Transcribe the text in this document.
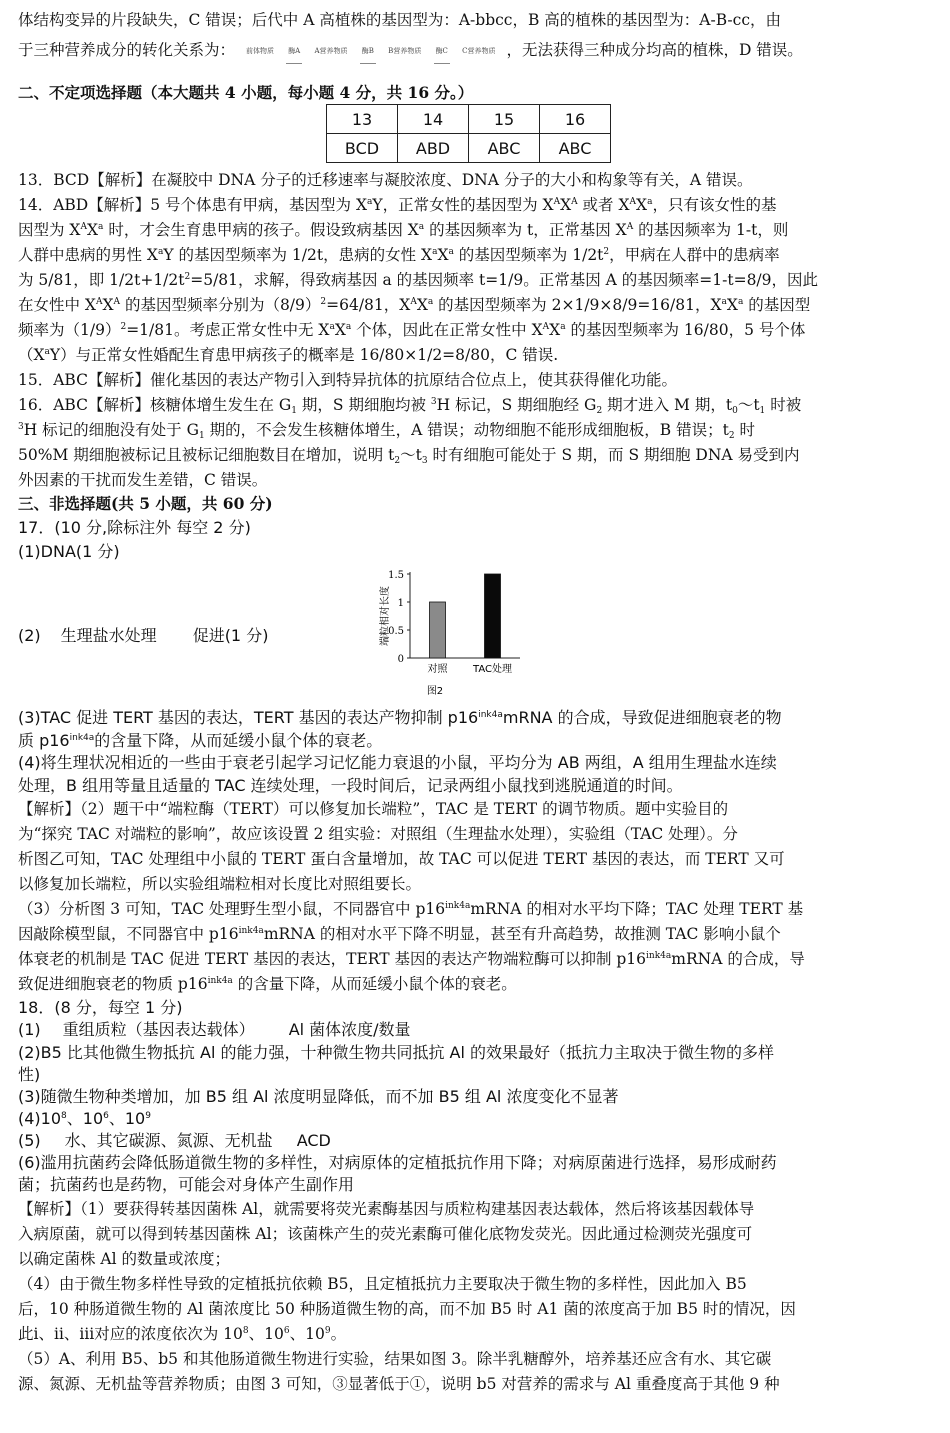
体结构变异的片段缺失，C 错误；后代中 A 高植株的基因型为：A-bbcc，B 高的植株的基因型为：A-B-cc，由
于三种营养成分的转化关系为： 前体物质 酶A A营养物质 酶B B营养物质 酶C C营养物质 ，无法获得三种成分均高的植株，D 错误。
二、不定项选择题（本大题共 4 小题，每小题 4 分，共 16 分。）
13	14	15	16
BCD	ABD	ABC	ABC
13．BCD【解析】在凝胶中 DNA 分子的迁移速率与凝胶浓度、DNA 分子的大小和构象等有关，A 错误。
14．ABD【解析】5 号个体患有甲病，基因型为 $X^aY$，正常女性的基因型为 $X^AX^A$ 或者 $X^AX^a$，只有该女性的基
因型为 $X^AX^a$ 时，才会生育患甲病的孩子。假设致病基因 $X^a$ 的基因频率为 t，正常基因 $X^A$ 的基因频率为 1-t，则
人群中患病的男性 $X^aY$ 的基因型频率为 1/2t，患病的女性 $X^aX^a$ 的基因型频率为 $1/2t^2$，甲病在人群中的患病率
为 5/81，即 $1/2t+1/2t^2=5/81$，求解，得致病基因 a 的基因频率 t=1/9。正常基因 A 的基因频率=1-t=8/9，因此
在女性中 $X^AX^A$ 的基因型频率分别为$(8/9)^2=64/81$，$X^AX^a$ 的基因型频率为 2×1/9×8/9=16/81，$X^aX^a$ 的基因型
频率为$(1/9)^2=1/81$。考虑正常女性中无 $X^aX^a$ 个体，因此在正常女性中 $X^AX^a$ 的基因型频率为 16/80，5 号个体
$(X^aY)$与正常女性婚配生育患甲病孩子的概率是 16/80×1/2=8/80，C 错误.
15．ABC【解析】催化基因的表达产物引入到特异抗体的抗原结合位点上，使其获得催化功能。
16．ABC【解析】核糖体增生发生在 $G_1$ 期，S 期细胞均被 $^3$H 标记，S 期细胞经 $G_2$ 期才进入 M 期，$t_0\sim t_1$ 时被
$^3$H 标记的细胞没有处于 $G_1$ 期的，不会发生核糖体增生，A 错误；动物细胞不能形成细胞板，B 错误；$t_2$ 时
50%M 期细胞被标记且被标记细胞数目在增加，说明 $t_2\sim t_3$ 时有细胞可能处于 S 期，而 S 期细胞 DNA 易受到内
外因素的干扰而发生差错，C 错误。
三、非选择题(共 5 小题，共 60 分)
17．(10 分,除标注外 每空 2 分)
(1)DNA(1 分)
(2) 生理盐水处理 促进(1 分)
0
0.5
1
1.5
端粒相对长度
对照	TAC处理
图2
(3)TAC 促进 TERT 基因的表达，TERT 基因的表达产物抑制 $p16^{ink4a}mRNA$ 的合成，导致促进细胞衰老的物
质 $p16^{ink4a}$的含量下降，从而延缓小鼠个体的衰老。
(4)将生理状况相近的一些由于衰老引起学习记忆能力衰退的小鼠，平均分为 AB 两组，A 组用生理盐水连续
处理，B 组用等量且适量的 TAC 连续处理，一段时间后，记录两组小鼠找到逃脱通道的时间。
【解析】（2）题干中“端粒酶（TERT）可以修复加长端粒”，TAC 是 TERT 的调节物质。题中实验目的
为“探究 TAC 对端粒的影响”，故应该设置 2 组实验：对照组（生理盐水处理），实验组（TAC 处理）。分
析图乙可知，TAC 处理组中小鼠的 TERT 蛋白含量增加，故 TAC 可以促进 TERT 基因的表达，而 TERT 又可
以修复加长端粒，所以实验组端粒相对长度比对照组要长。
（3）分析图 3 可知，TAC 处理野生型小鼠，不同器官中 $p16^{ink4a}mRNA$ 的相对水平均下降；TAC 处理 TERT 基
因敲除模型鼠，不同器官中 $p16^{ink4a}mRNA$ 的相对水平下降不明显，甚至有升高趋势，故推测 TAC 影响小鼠个
体衰老的机制是 TAC 促进 TERT 基因的表达，TERT 基因的表达产物端粒酶可以抑制 $p16^{ink4a}mRNA$ 的合成，导
致促进细胞衰老的物质 $p16^{ink4a}$ 的含量下降，从而延缓小鼠个体的衰老。
18．(8 分，每空 1 分)
(1) 重组质粒（基因表达载体） Al 菌体浓度/数量
(2)B5 比其他微生物抵抗 Al 的能力强，十种微生物共同抵抗 Al 的效果最好（抵抗力主取决于微生物的多样
性)
(3)随微生物种类增加，加 B5 组 Al 浓度明显降低，而不加 B5 组 Al 浓度变化不显著
$(4)10^8$、$10^6$、$10^9$
(5) 水、其它碳源、氮源、无机盐 ACD
(6)滥用抗菌药会降低肠道微生物的多样性，对病原体的定植抵抗作用下降；对病原菌进行选择，易形成耐药
菌；抗菌药也是药物，可能会对身体产生副作用
【解析】（1）要获得转基因菌株 Al，就需要将荧光素酶基因与质粒构建基因表达载体，然后将该基因载体导
入病原菌，就可以得到转基因菌株 Al；该菌株产生的荧光素酶可催化底物发荧光。因此通过检测荧光强度可
以确定菌株 Al 的数量或浓度；
（4）由于微生物多样性导致的定植抵抗依赖 B5，且定植抵抗力主要取决于微生物的多样性，因此加入 B5
后，10 种肠道微生物的 Al 菌浓度比 50 种肠道微生物的高，而不加 B5 时 A1 菌的浓度高于加 B5 时的情况，因
此ⅰ、ⅱ、ⅲ对应的浓度依次为 $10^8$、$10^6$、$10^9$。
（5）A、利用 B5、b5 和其他肠道微生物进行实验，结果如图 3。除半乳糖醇外，培养基还应含有水、其它碳
源、氮源、无机盐等营养物质；由图 3 可知，③显著低于①，说明 b5 对营养的需求与 Al 重叠度高于其他 9 种
